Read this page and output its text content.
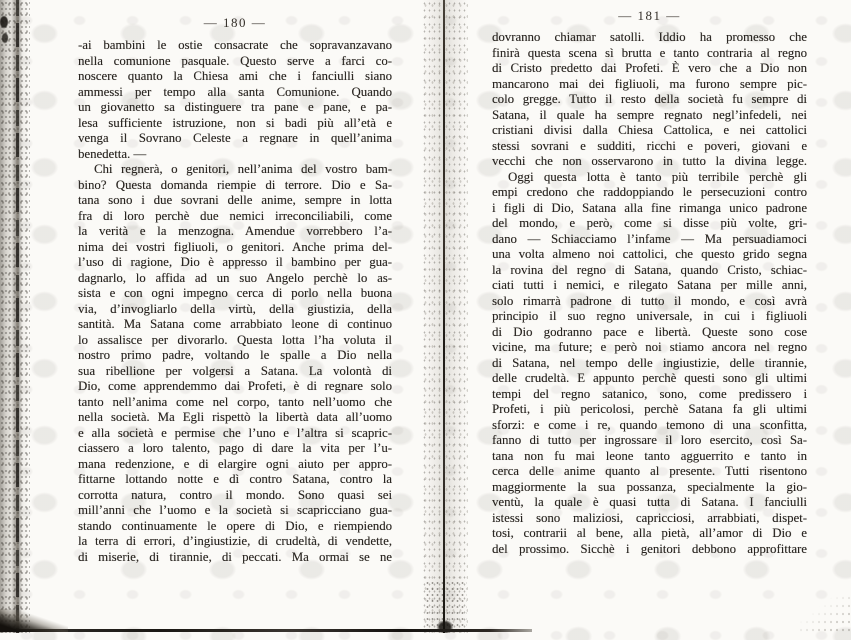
— 180 —
-ai bambini le ostie consacrate che sopravanzavano
nella comunione pasquale. Questo serve a farci co-
noscere quanto la Chiesa ami che i fanciulli siano
ammessi per tempo alla santa Comunione. Quando
un giovanetto sa distinguere tra pane e pane, e pa-
lesa sufficiente istruzione, non si badi più all’età e
venga il Sovrano Celeste a regnare in quell’anima
benedetta. —
Chi regnerà, o genitori, nell’anima del vostro bam-
bino? Questa domanda riempie di terrore. Dio e Sa-
tana sono i due sovrani delle anime, sempre in lotta
fra di loro perchè due nemici irreconciliabili, come
la verità e la menzogna. Amendue vorrebbero l’a-
nima dei vostri figliuoli, o genitori. Anche prima del-
l’uso di ragione, Dio è appresso il bambino per gua-
dagnarlo, lo affida ad un suo Angelo perchè lo as-
sista e con ogni impegno cerca di porlo nella buona
via, d’invogliarlo della virtù, della giustizia, della
santità. Ma Satana come arrabbiato leone di continuo
lo assalisce per divorarlo. Questa lotta l’ha voluta il
nostro primo padre, voltando le spalle a Dio nella
sua ribellione per volgersi a Satana. La volontà di
Dio, come apprendemmo dai Profeti, è di regnare solo
tanto nell’anima come nel corpo, tanto nell’uomo che
nella società. Ma Egli rispettò la libertà data all’uomo
e alla società e permise che l’uno e l’altra si scapric-
ciassero a loro talento, pago di dare la vita per l’u-
mana redenzione, e di elargire ogni aiuto per appro-
fittarne lottando notte e dì contro Satana, contro la
corrotta natura, contro il mondo. Sono quasi sei
mill’anni che l’uomo e la società si scapricciano gua-
stando continuamente le opere di Dio, e riempiendo
la terra di errori, d’ingiustizie, di crudeltà, di vendette,
di miserie, di tirannie, di peccati. Ma ormai se ne
— 181 —
dovranno chiamar satolli. Iddio ha promesso che
finirà questa scena sì brutta e tanto contraria al regno
di Cristo predetto dai Profeti. È vero che a Dio non
mancarono mai dei figliuoli, ma furono sempre pic-
colo gregge. Tutto il resto della società fu sempre di
Satana, il quale ha sempre regnato negl’infedeli, nei
cristiani divisi dalla Chiesa Cattolica, e nei cattolici
stessi sovrani e sudditi, ricchi e poveri, giovani e
vecchi che non osservarono in tutto la divina legge.
Oggi questa lotta è tanto più terribile perchè gli
empi credono che raddoppiando le persecuzioni contro
i figli di Dio, Satana alla fine rimanga unico padrone
del mondo, e però, come si disse più volte, gri-
dano — Schiacciamo l’infame — Ma persuadiamoci
una volta almeno noi cattolici, che questo grido segna
la rovina del regno di Satana, quando Cristo, schiac-
ciati tutti i nemici, e rilegato Satana per mille anni,
solo rimarrà padrone di tutto il mondo, e così avrà
principio il suo regno universale, in cui i figliuoli
di Dio godranno pace e libertà. Queste sono cose
vicine, ma future; e però noi stiamo ancora nel regno
di Satana, nel tempo delle ingiustizie, delle tirannie,
delle crudeltà. E appunto perchè questi sono gli ultimi
tempi del regno satanico, sono, come predissero i
Profeti, i più pericolosi, perchè Satana fa gli ultimi
sforzi: e come i re, quando temono di una sconfitta,
fanno di tutto per ingrossare il loro esercito, così Sa-
tana non fu mai leone tanto agguerrito e tanto in
cerca delle anime quanto al presente. Tutti risentono
maggiormente la sua possanza, specialmente la gio-
ventù, la quale è quasi tutta di Satana. I fanciulli
istessi sono maliziosi, capricciosi, arrabbiati, dispet-
tosi, contrarii al bene, alla pietà, all’amor di Dio e
del prossimo. Sicchè i genitori debbono approfittare
